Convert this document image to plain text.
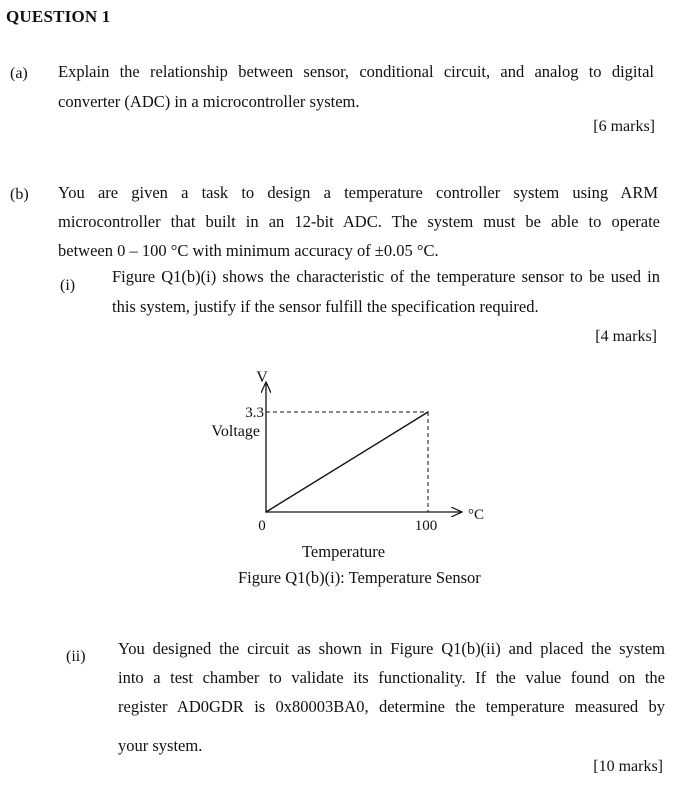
QUESTION 1
(a) Explain the relationship between sensor, conditional circuit, and analog to digital
converter (ADC) in a microcontroller system.
[6 marks]
(b) You are given a task to design a temperature controller system using ARM
microcontroller that built in an 12-bit ADC. The system must be able to operate
between 0 – 100 °C with minimum accuracy of ±0.05 °C.
(i) Figure Q1(b)(i) shows the characteristic of the temperature sensor to be used in
this system, justify if the sensor fulfill the specification required.
[4 marks]
0	100
3.3
V
°C
Voltage
Temperature
Figure Q1(b)(i): Temperature Sensor
(ii) You designed the circuit as shown in Figure Q1(b)(ii) and placed the system
into a test chamber to validate its functionality. If the value found on the
register AD0GDR is 0x80003BA0, determine the temperature measured by
your system.
[10 marks]
